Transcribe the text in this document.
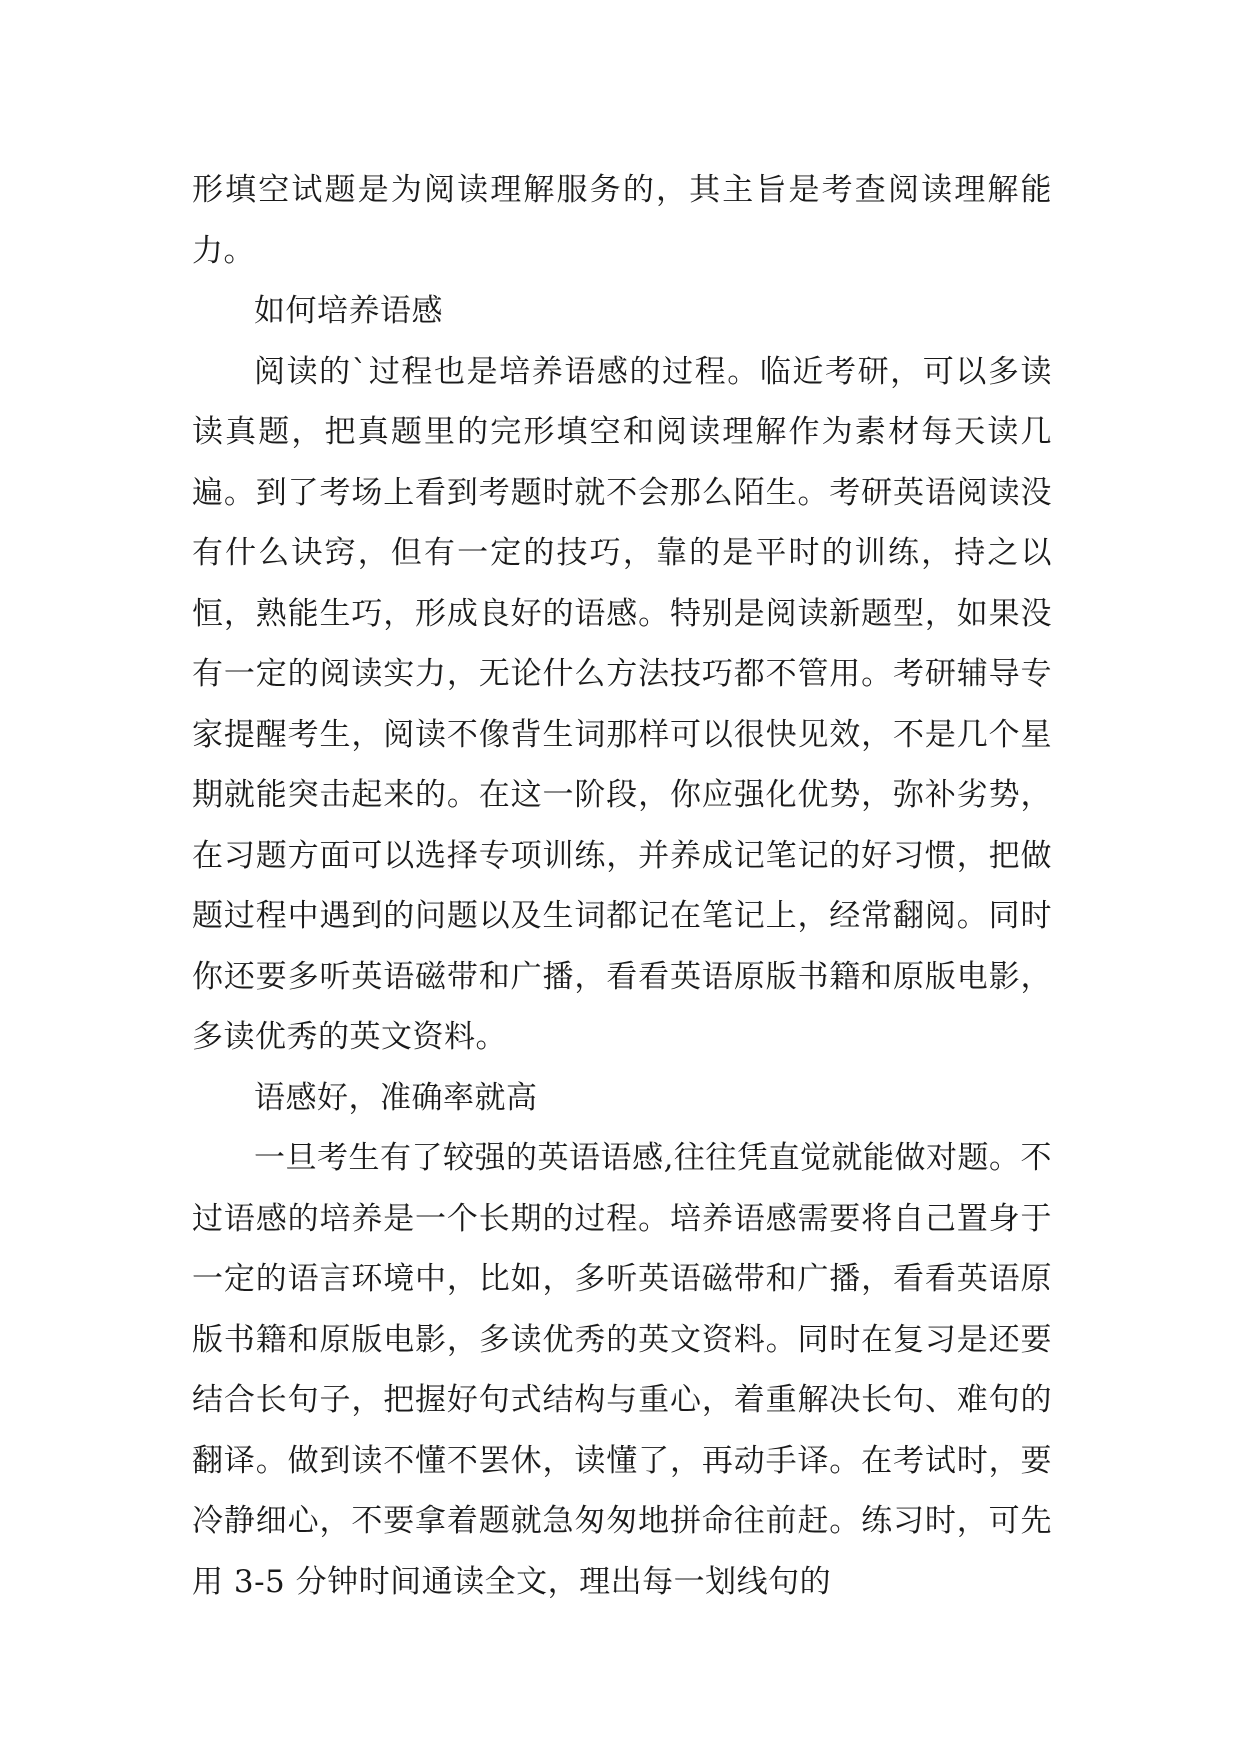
形填空试题是为阅读理解服务的，其主旨是考查阅读理解能力。

如何培养语感

阅读的`过程也是培养语感的过程。临近考研，可以多读读真题，把真题里的完形填空和阅读理解作为素材每天读几遍。到了考场上看到考题时就不会那么陌生。考研英语阅读没有什么诀窍，但有一定的技巧，靠的是平时的训练，持之以恒，熟能生巧，形成良好的语感。特别是阅读新题型，如果没有一定的阅读实力，无论什么方法技巧都不管用。考研辅导专家提醒考生，阅读不像背生词那样可以很快见效，不是几个星期就能突击起来的。在这一阶段，你应强化优势，弥补劣势，在习题方面可以选择专项训练，并养成记笔记的好习惯，把做题过程中遇到的问题以及生词都记在笔记上，经常翻阅。同时你还要多听英语磁带和广播，看看英语原版书籍和原版电影，多读优秀的英文资料。

语感好，准确率就高

一旦考生有了较强的英语语感,往往凭直觉就能做对题。不过语感的培养是一个长期的过程。培养语感需要将自己置身于一定的语言环境中，比如，多听英语磁带和广播，看看英语原版书籍和原版电影，多读优秀的英文资料。同时在复习是还要结合长句子，把握好句式结构与重心，着重解决长句、难句的翻译。做到读不懂不罢休，读懂了，再动手译。在考试时，要冷静细心，不要拿着题就急匆匆地拼命往前赶。练习时，可先用 3-5 分钟时间通读全文，理出每一划线句的
